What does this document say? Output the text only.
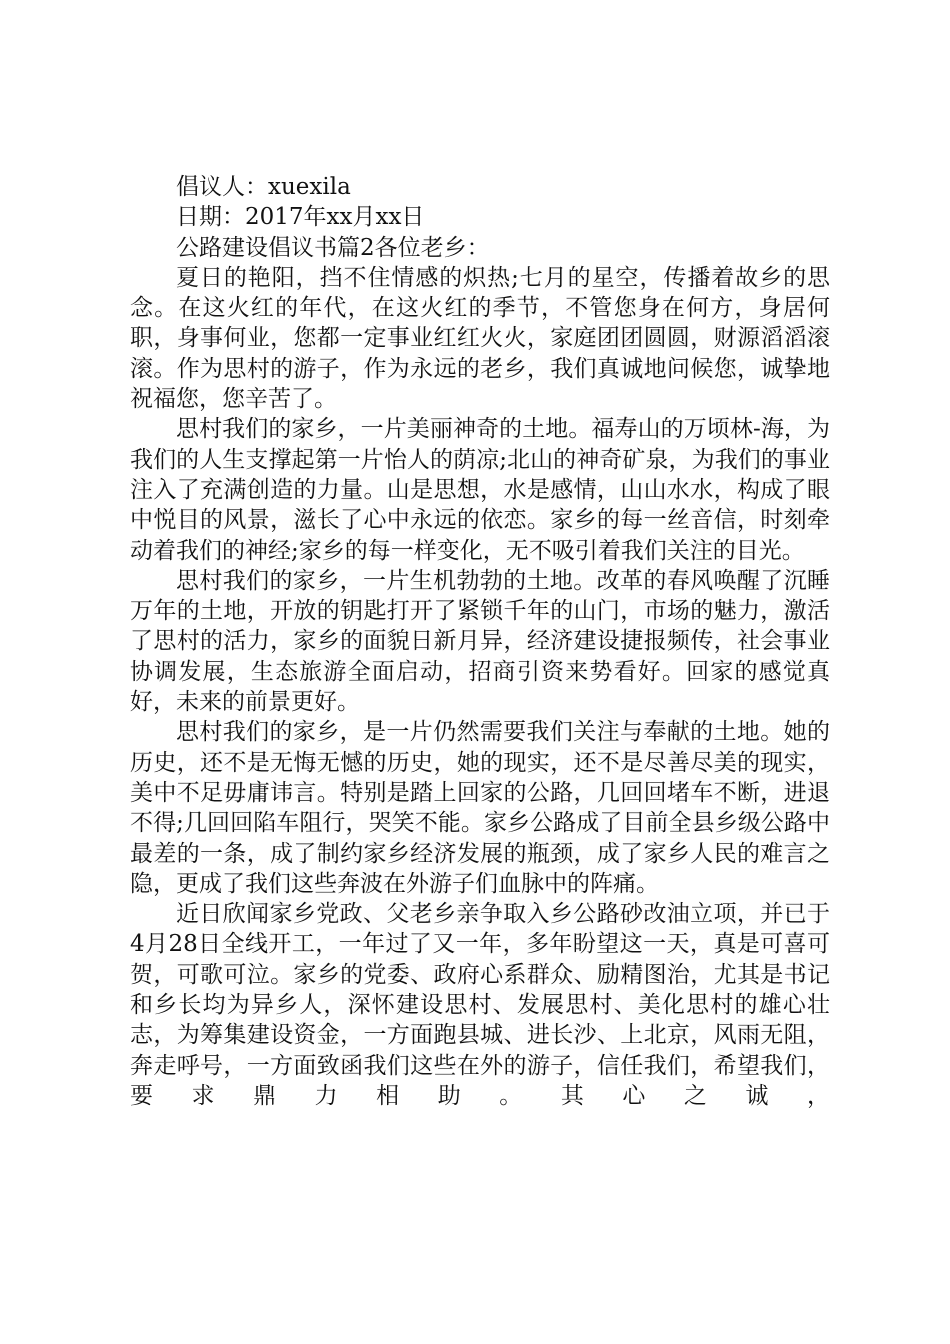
倡议人：xuexila

日期：2017年xx月xx日

公路建设倡议书篇2各位老乡：

夏日的艳阳，挡不住情感的炽热;七月的星空，传播着故乡的思念。在这火红的年代，在这火红的季节，不管您身在何方，身居何职，身事何业，您都一定事业红红火火，家庭团团圆圆，财源滔滔滚滚。作为思村的游子，作为永远的老乡，我们真诚地问候您，诚挚地祝福您，您辛苦了。

思村我们的家乡，一片美丽神奇的土地。福寿山的万顷林-海，为我们的人生支撑起第一片怡人的荫凉;北山的神奇矿泉，为我们的事业注入了充满创造的力量。山是思想，水是感情，山山水水，构成了眼中悦目的风景，滋长了心中永远的依恋。家乡的每一丝音信，时刻牵动着我们的神经;家乡的每一样变化，无不吸引着我们关注的目光。

思村我们的家乡，一片生机勃勃的土地。改革的春风唤醒了沉睡万年的土地，开放的钥匙打开了紧锁千年的山门，市场的魅力，激活了思村的活力，家乡的面貌日新月异，经济建设捷报频传，社会事业协调发展，生态旅游全面启动，招商引资来势看好。回家的感觉真好，未来的前景更好。

思村我们的家乡，是一片仍然需要我们关注与奉献的土地。她的历史，还不是无悔无憾的历史，她的现实，还不是尽善尽美的现实，美中不足毋庸讳言。特别是踏上回家的公路，几回回堵车不断，进退不得;几回回陷车阻行，哭笑不能。家乡公路成了目前全县乡级公路中最差的一条，成了制约家乡经济发展的瓶颈，成了家乡人民的难言之隐，更成了我们这些奔波在外游子们血脉中的阵痛。

近日欣闻家乡党政、父老乡亲争取入乡公路砂改油立项，并已于4月28日全线开工，一年过了又一年，多年盼望这一天，真是可喜可贺，可歌可泣。家乡的党委、政府心系群众、励精图治，尤其是书记和乡长均为异乡人，深怀建设思村、发展思村、美化思村的雄心壮志，为筹集建设资金，一方面跑县城、进长沙、上北京，风雨无阻，奔走呼号，一方面致函我们这些在外的游子，信任我们，希望我们，要求鼎力相助。其心之诚，
